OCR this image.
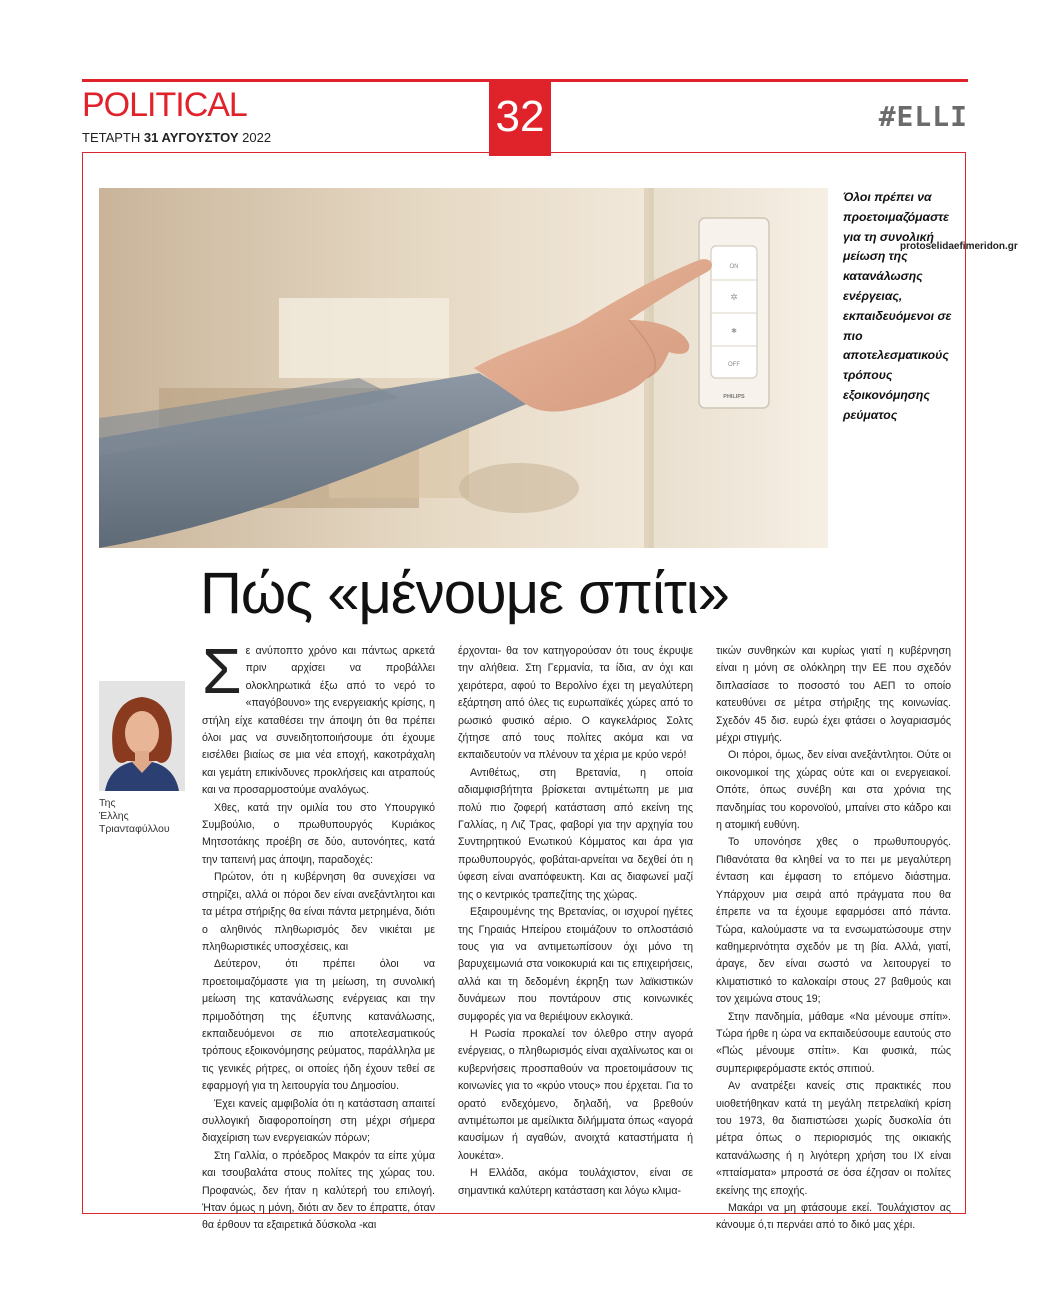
POLITICAL
ΤΕΤΑΡΤΗ 31 ΑΥΓΟΥΣΤΟΥ 2022	32	#ELLI
ON
✲
✱
OFF
PHILIPS
Όλοι πρέπει να προετοιμαζόμαστε για τη συνολική μείωση της κατανάλωσης ενέργειας, εκπαιδευόμενοι σε πιο αποτελεσματικούς τρόπους εξοικονόμησης ρεύματος
protoselidaefimeridon.gr
Πώς «μένουμε σπίτι»
Της
Έλλης Τριανταφύλλου
Σ ε ανύποπτο χρόνο και πάντως αρκετά πριν αρχίσει να προβάλλει ολοκληρωτικά έξω από το νερό το «παγόβουνο» της ενεργειακής κρίσης, η στήλη είχε καταθέσει την άποψη ότι θα πρέπει όλοι μας να συνειδητοποιήσουμε ότι έχουμε εισέλθει βιαίως σε μια νέα εποχή, κακοτράχαλη και γεμάτη επικίνδυνες προκλήσεις και ατραπούς και να προσαρμοστούμε αναλόγως.

Χθες, κατά την ομιλία του στο Υπουργικό Συμβούλιο, ο πρωθυπουργός Κυριάκος Μητσοτάκης προέβη σε δύο, αυτονόητες, κατά την ταπεινή μας άποψη, παραδοχές:

Πρώτον, ότι η κυβέρνηση θα συνεχίσει να στηρίζει, αλλά οι πόροι δεν είναι ανεξάντλητοι και τα μέτρα στήριξης θα είναι πάντα μετρημένα, διότι ο αληθινός πληθωρισμός δεν νικιέται με πληθωριστικές υποσχέσεις, και

Δεύτερον, ότι πρέπει όλοι να προετοιμαζόμαστε για τη μείωση, τη συνολική μείωση της κατανάλωσης ενέργειας και την πριμοδότηση της έξυπνης κατανάλωσης, εκπαιδευόμενοι σε πιο αποτελεσματικούς τρόπους εξοικονόμησης ρεύματος, παράλληλα με τις γενικές ρήτρες, οι οποίες ήδη έχουν τεθεί σε εφαρμογή για τη λειτουργία του Δημοσίου.

Έχει κανείς αμφιβολία ότι η κατάσταση απαιτεί συλλογική διαφοροποίηση στη μέχρι σήμερα διαχείριση των ενεργειακών πόρων;

Στη Γαλλία, ο πρόεδρος Μακρόν τα είπε χύμα και τσουβαλάτα στους πολίτες της χώρας του. Προφανώς, δεν ήταν η καλύτερή του επιλογή. Ήταν όμως η μόνη, διότι αν δεν το έπραττε, όταν θα έρθουν τα εξαιρετικά δύσκολα -και

έρχονται- θα τον κατηγορούσαν ότι τους έκρυψε την αλήθεια. Στη Γερμανία, τα ίδια, αν όχι και χειρότερα, αφού το Βερολίνο έχει τη μεγαλύτερη εξάρτηση από όλες τις ευρωπαϊκές χώρες από το ρωσικό φυσικό αέριο. Ο καγκελάριος Σολτς ζήτησε από τους πολίτες ακόμα και να εκπαιδευτούν να πλένουν τα χέρια με κρύο νερό!

Αντιθέτως, στη Βρετανία, η οποία αδιαμφισβήτητα βρίσκεται αντιμέτωπη με μια πολύ πιο ζοφερή κατάσταση από εκείνη της Γαλλίας, η Λιζ Τρας, φαβορί για την αρχηγία του Συντηρητικού Ενωτικού Κόμματος και άρα για πρωθυπουργός, φοβάται-αρνείται να δεχθεί ότι η ύφεση είναι αναπόφευκτη. Και ας διαφωνεί μαζί της ο κεντρικός τραπεζίτης της χώρας.

Εξαιρουμένης της Βρετανίας, οι ισχυροί ηγέτες της Γηραιάς Ηπείρου ετοιμάζουν το οπλοστάσιό τους για να αντιμετωπίσουν όχι μόνο τη βαρυχειμωνιά στα νοικοκυριά και τις επιχειρήσεις, αλλά και τη δεδομένη έκρηξη των λαϊκιστικών δυνάμεων που ποντάρουν στις κοινωνικές συμφορές για να θεριέψουν εκλογικά.

Η Ρωσία προκαλεί τον όλεθρο στην αγορά ενέργειας, ο πληθωρισμός είναι αχαλίνωτος και οι κυβερνήσεις προσπαθούν να προετοιμάσουν τις κοινωνίες για το «κρύο ντους» που έρχεται. Για το ορατό ενδεχόμενο, δηλαδή, να βρεθούν αντιμέτωποι με αμείλικτα διλήμματα όπως «αγορά καυσίμων ή αγαθών, ανοιχτά καταστήματα ή λουκέτα».

Η Ελλάδα, ακόμα τουλάχιστον, είναι σε σημαντικά καλύτερη κατάσταση και λόγω κλιμα-

τικών συνθηκών και κυρίως γιατί η κυβέρνηση είναι η μόνη σε ολόκληρη την ΕΕ που σχεδόν διπλασίασε το ποσοστό του ΑΕΠ το οποίο κατευθύνει σε μέτρα στήριξης της κοινωνίας. Σχεδόν 45 δισ. ευρώ έχει φτάσει ο λογαριασμός μέχρι στιγμής.

Οι πόροι, όμως, δεν είναι ανεξάντλητοι. Ούτε οι οικονομικοί της χώρας ούτε και οι ενεργειακοί. Οπότε, όπως συνέβη και στα χρόνια της πανδημίας του κορονοϊού, μπαίνει στο κάδρο και η ατομική ευθύνη.

Το υπονόησε χθες ο πρωθυπουργός. Πιθανότατα θα κληθεί να το πει με μεγαλύτερη ένταση και έμφαση το επόμενο διάστημα. Υπάρχουν μια σειρά από πράγματα που θα έπρεπε να τα έχουμε εφαρμόσει από πάντα. Τώρα, καλούμαστε να τα ενσωματώσουμε στην καθημερινότητα σχεδόν με τη βία. Αλλά, γιατί, άραγε, δεν είναι σωστό να λειτουργεί το κλιματιστικό το καλοκαίρι στους 27 βαθμούς και τον χειμώνα στους 19;

Στην πανδημία, μάθαμε «Να μένουμε σπίτι». Τώρα ήρθε η ώρα να εκπαιδεύσουμε εαυτούς στο «Πώς μένουμε σπίτι». Και φυσικά, πώς συμπεριφερόμαστε εκτός σπιτιού.

Αν ανατρέξει κανείς στις πρακτικές που υιοθετήθηκαν κατά τη μεγάλη πετρελαϊκή κρίση του 1973, θα διαπιστώσει χωρίς δυσκολία ότι μέτρα όπως ο περιορισμός της οικιακής κατανάλωσης ή η λιγότερη χρήση του ΙΧ είναι «πταίσματα» μπροστά σε όσα έζησαν οι πολίτες εκείνης της εποχής.

Μακάρι να μη φτάσουμε εκεί. Τουλάχιστον ας κάνουμε ό,τι περνάει από το δικό μας χέρι.
